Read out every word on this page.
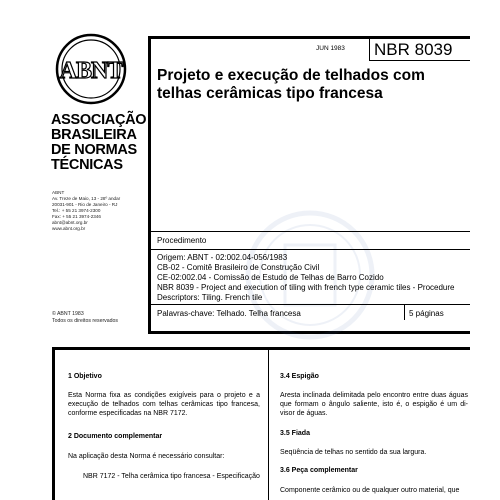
ABNT
ASSOCIAÇÃO
BRASILEIRA
DE NORMAS
TÉCNICAS
ABNT
Av. Treze de Maio, 13 - 28º andar
20031-901 - Rio de Janeiro - RJ
Tel.: + 55 21 3974-2300
Fax: + 55 21 3974-2346
abnt@abnt.org.br
www.abnt.org.br
© ABNT 1983
Todos os direitos reservados
JUN 1983 NBR 8039
Projeto e execução de telhados com telhas cerâmicas tipo francesa
Procedimento
Origem: ABNT - 02:002.04-056/1983
CB-02 - Comitê Brasileiro de Construção Civil
CE-02:002.04 - Comissão de Estudo de Telhas de Barro Cozido
NBR 8039 - Project and execution of tiling with french type ceramic tiles - Procedure
Descriptors: Tiling. French tile
Palavras-chave: Telhado. Telha francesa	5 páginas
1 Objetivo
Esta Norma fixa as condições exigíveis para o projeto e a execução de telhados com telhas cerâmicas tipo francesa, conforme especificadas na NBR 7172.
2 Documento complementar
Na aplicação desta Norma é necessário consultar:
NBR 7172 - Telha cerâmica tipo francesa - Especificação
3.4 Espigão
Aresta inclinada delimitada pelo encontro entre duas águas que formam o ângulo saliente, isto é, o espigão é um di-visor de águas.
3.5 Fiada
Seqüência de telhas no sentido da sua largura.
3.6 Peça complementar
Componente cerâmico ou de qualquer outro material, que
